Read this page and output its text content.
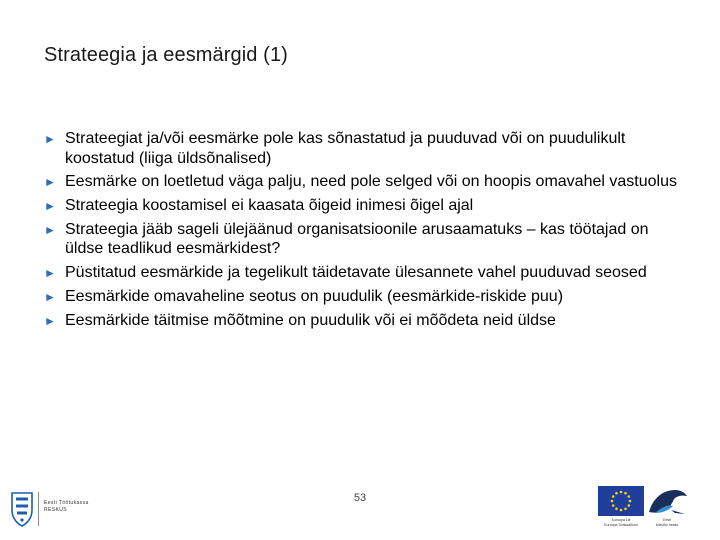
Strateegia ja eesmärgid (1)
► Strateegiat ja/või eesmärke pole kas sõnastatud ja puuduvad või on puudulikult koostatud (liiga üldsõnalised)
► Eesmärke on loetletud väga palju, need pole selged või on hoopis omavahel vastuolus
► Strateegia koostamisel ei kaasata õigeid inimesi õigel ajal
► Strateegia jääb sageli ülejäänud organisatsioonile arusaamatuks – kas töötajad on üldse teadlikud eesmärkidest?
► Püstitatud eesmärkide ja tegelikult täidetavate ülesannete vahel puuduvad seosed
► Eesmärkide omavaheline seotus on puudulik (eesmärkide-riskide puu)
► Eesmärkide täitmise mõõtmine on puudulik või ei mõõdeta neid üldse
53
Eesti Töötukassa
RESKUS
Euroopa Liit
Euroopa Sotsiaalfond
Eesti
tuleviku heaks
